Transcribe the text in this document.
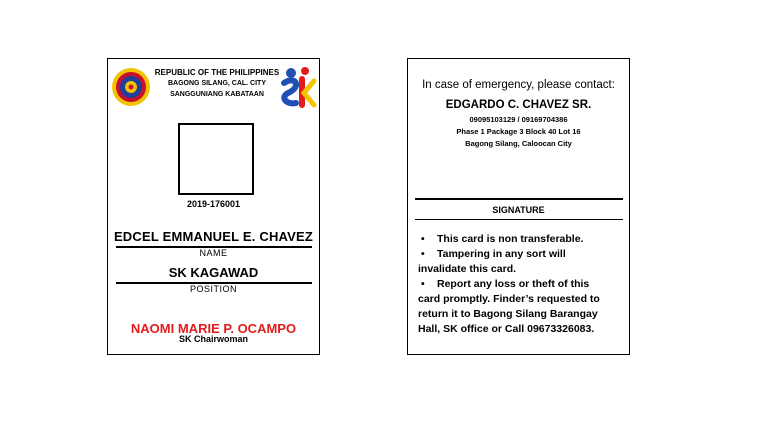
REPUBLIC OF THE PHILIPPINES
BAGONG SILANG, CAL. CITY
SANGGUNIANG KABATAAN
2019-176001
EDCEL EMMANUEL E. CHAVEZ
NAME
SK KAGAWAD
POSITION
NAOMI MARIE P. OCAMPO
SK Chairwoman
In case of emergency, please contact:
EDGARDO C. CHAVEZ SR.
09095103129 / 09169704386
Phase 1 Package 3 Block 40 Lot 16
Bagong Silang, Caloocan City
SIGNATURE

• This card is non transferable.

• Tampering in any sort will

invalidate this card.

• Report any loss or theft of this

card promptly. Finder’s requested to

return it to Bagong Silang Barangay

Hall, SK office or Call 09673326083.
